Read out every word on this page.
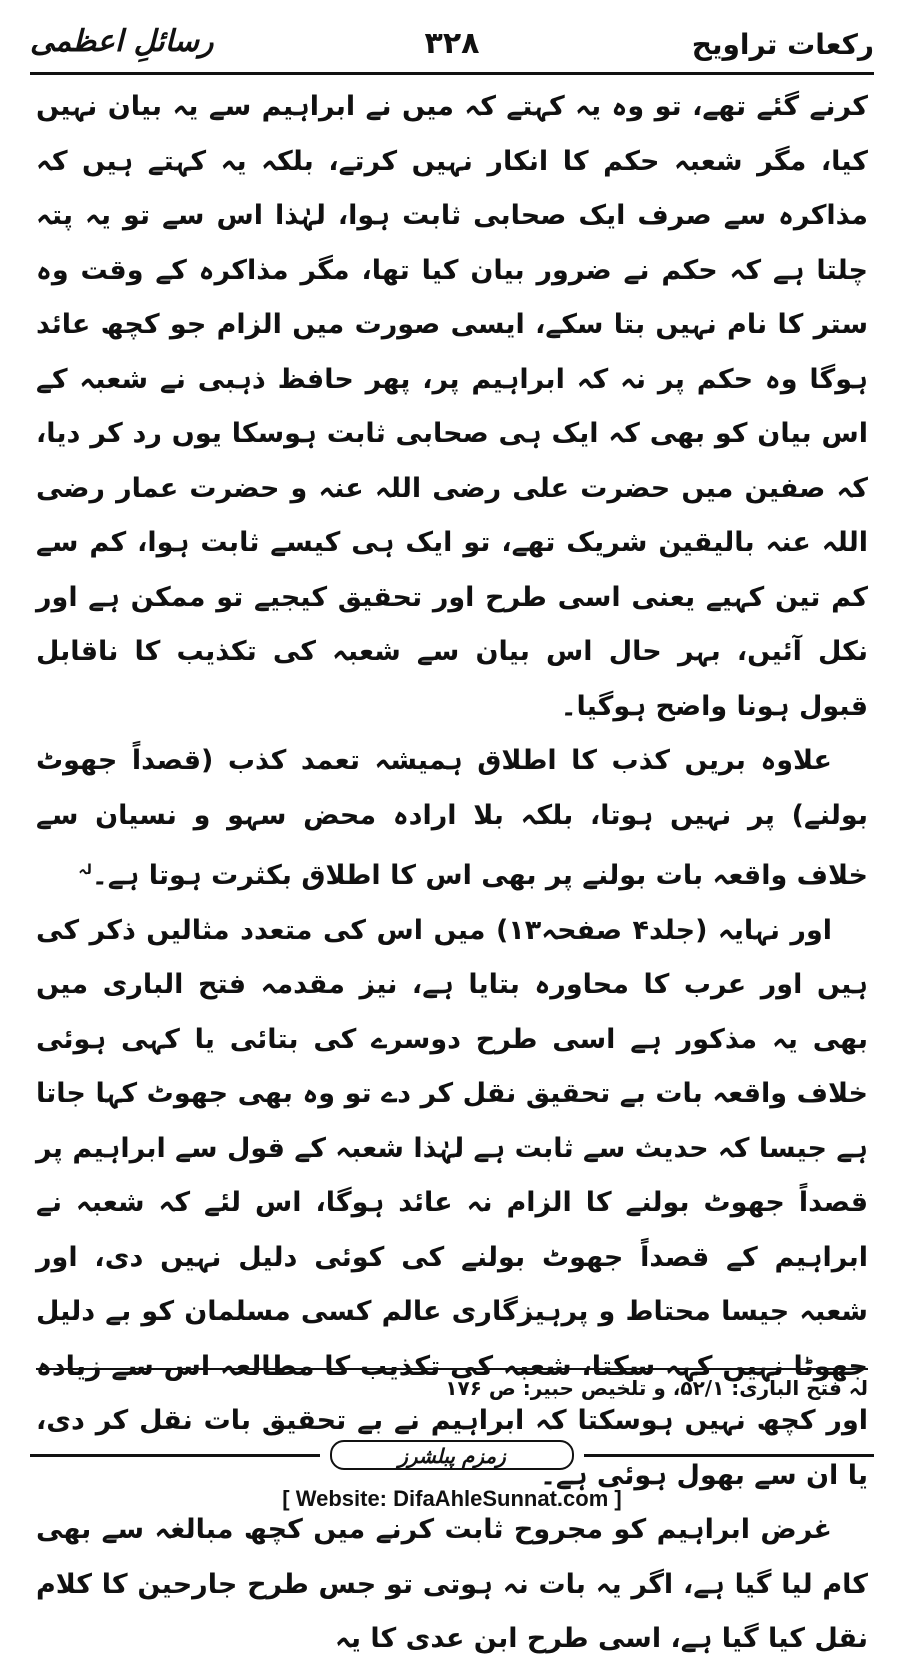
رکعات تراویح
۳۲۸
رسائلِ اعظمی

کرنے گئے تھے، تو وہ یہ کہتے کہ میں نے ابراہیم سے یہ بیان نہیں کیا، مگر شعبہ حکم کا انکار نہیں کرتے، بلکہ یہ کہتے ہیں کہ مذاکرہ سے صرف ایک صحابی ثابت ہوا، لہٰذا اس سے تو یہ پتہ چلتا ہے کہ حکم نے ضرور بیان کیا تھا، مگر مذاکرہ کے وقت وہ ستر کا نام نہیں بتا سکے، ایسی صورت میں الزام جو کچھ عائد ہوگا وہ حکم پر نہ کہ ابراہیم پر، پھر حافظ ذہبی نے شعبہ کے اس بیان کو بھی کہ ایک ہی صحابی ثابت ہوسکا یوں رد کر دیا، کہ صفین میں حضرت علی رضی اللہ عنہ و حضرت عمار رضی اللہ عنہ بالیقین شریک تھے، تو ایک ہی کیسے ثابت ہوا، کم سے کم تین کہیے یعنی اسی طرح اور تحقیق کیجیے تو ممکن ہے اور نکل آئیں، بہر حال اس بیان سے شعبہ کی تکذیب کا ناقابل قبول ہونا واضح ہوگیا۔

علاوہ بریں کذب کا اطلاق ہمیشہ تعمد کذب (قصداً جھوٹ بولنے) پر نہیں ہوتا، بلکہ بلا ارادہ محض سہو و نسیان سے خلاف واقعہ بات بولنے پر بھی اس کا اطلاق بکثرت ہوتا ہے۔$^{لہ}$

اور نہایہ (جلد۴ صفحہ۱۳) میں اس کی متعدد مثالیں ذکر کی ہیں اور عرب کا محاورہ بتایا ہے، نیز مقدمہ فتح الباری میں بھی یہ مذکور ہے اسی طرح دوسرے کی بتائی یا کہی ہوئی خلاف واقعہ بات بے تحقیق نقل کر دے تو وہ بھی جھوٹ کہا جاتا ہے جیسا کہ حدیث سے ثابت ہے لہٰذا شعبہ کے قول سے ابراہیم پر قصداً جھوٹ بولنے کا الزام نہ عائد ہوگا، اس لئے کہ شعبہ نے ابراہیم کے قصداً جھوٹ بولنے کی کوئی دلیل نہیں دی، اور شعبہ جیسا محتاط و پرہیزگاری عالم کسی مسلمان کو بے دلیل جھوٹا نہیں کہہ سکتا، شعبہ کی تکذیب کا مطالعہ اس سے زیادہ اور کچھ نہیں ہوسکتا کہ ابراہیم نے بے تحقیق بات نقل کر دی، یا ان سے بھول ہوئی ہے۔

غرض ابراہیم کو مجروح ثابت کرنے میں کچھ مبالغہ سے بھی کام لیا گیا ہے، اگر یہ بات نہ ہوتی تو جس طرح جارحین کا کلام نقل کیا گیا ہے، اسی طرح ابن عدی کا یہ

لہ فتح الباری: ۵۲/۱، و تلخیص حبیر: ص ۱۷۶
زمزم پبلشرز
[ Website: DifaAhleSunnat.com ]
